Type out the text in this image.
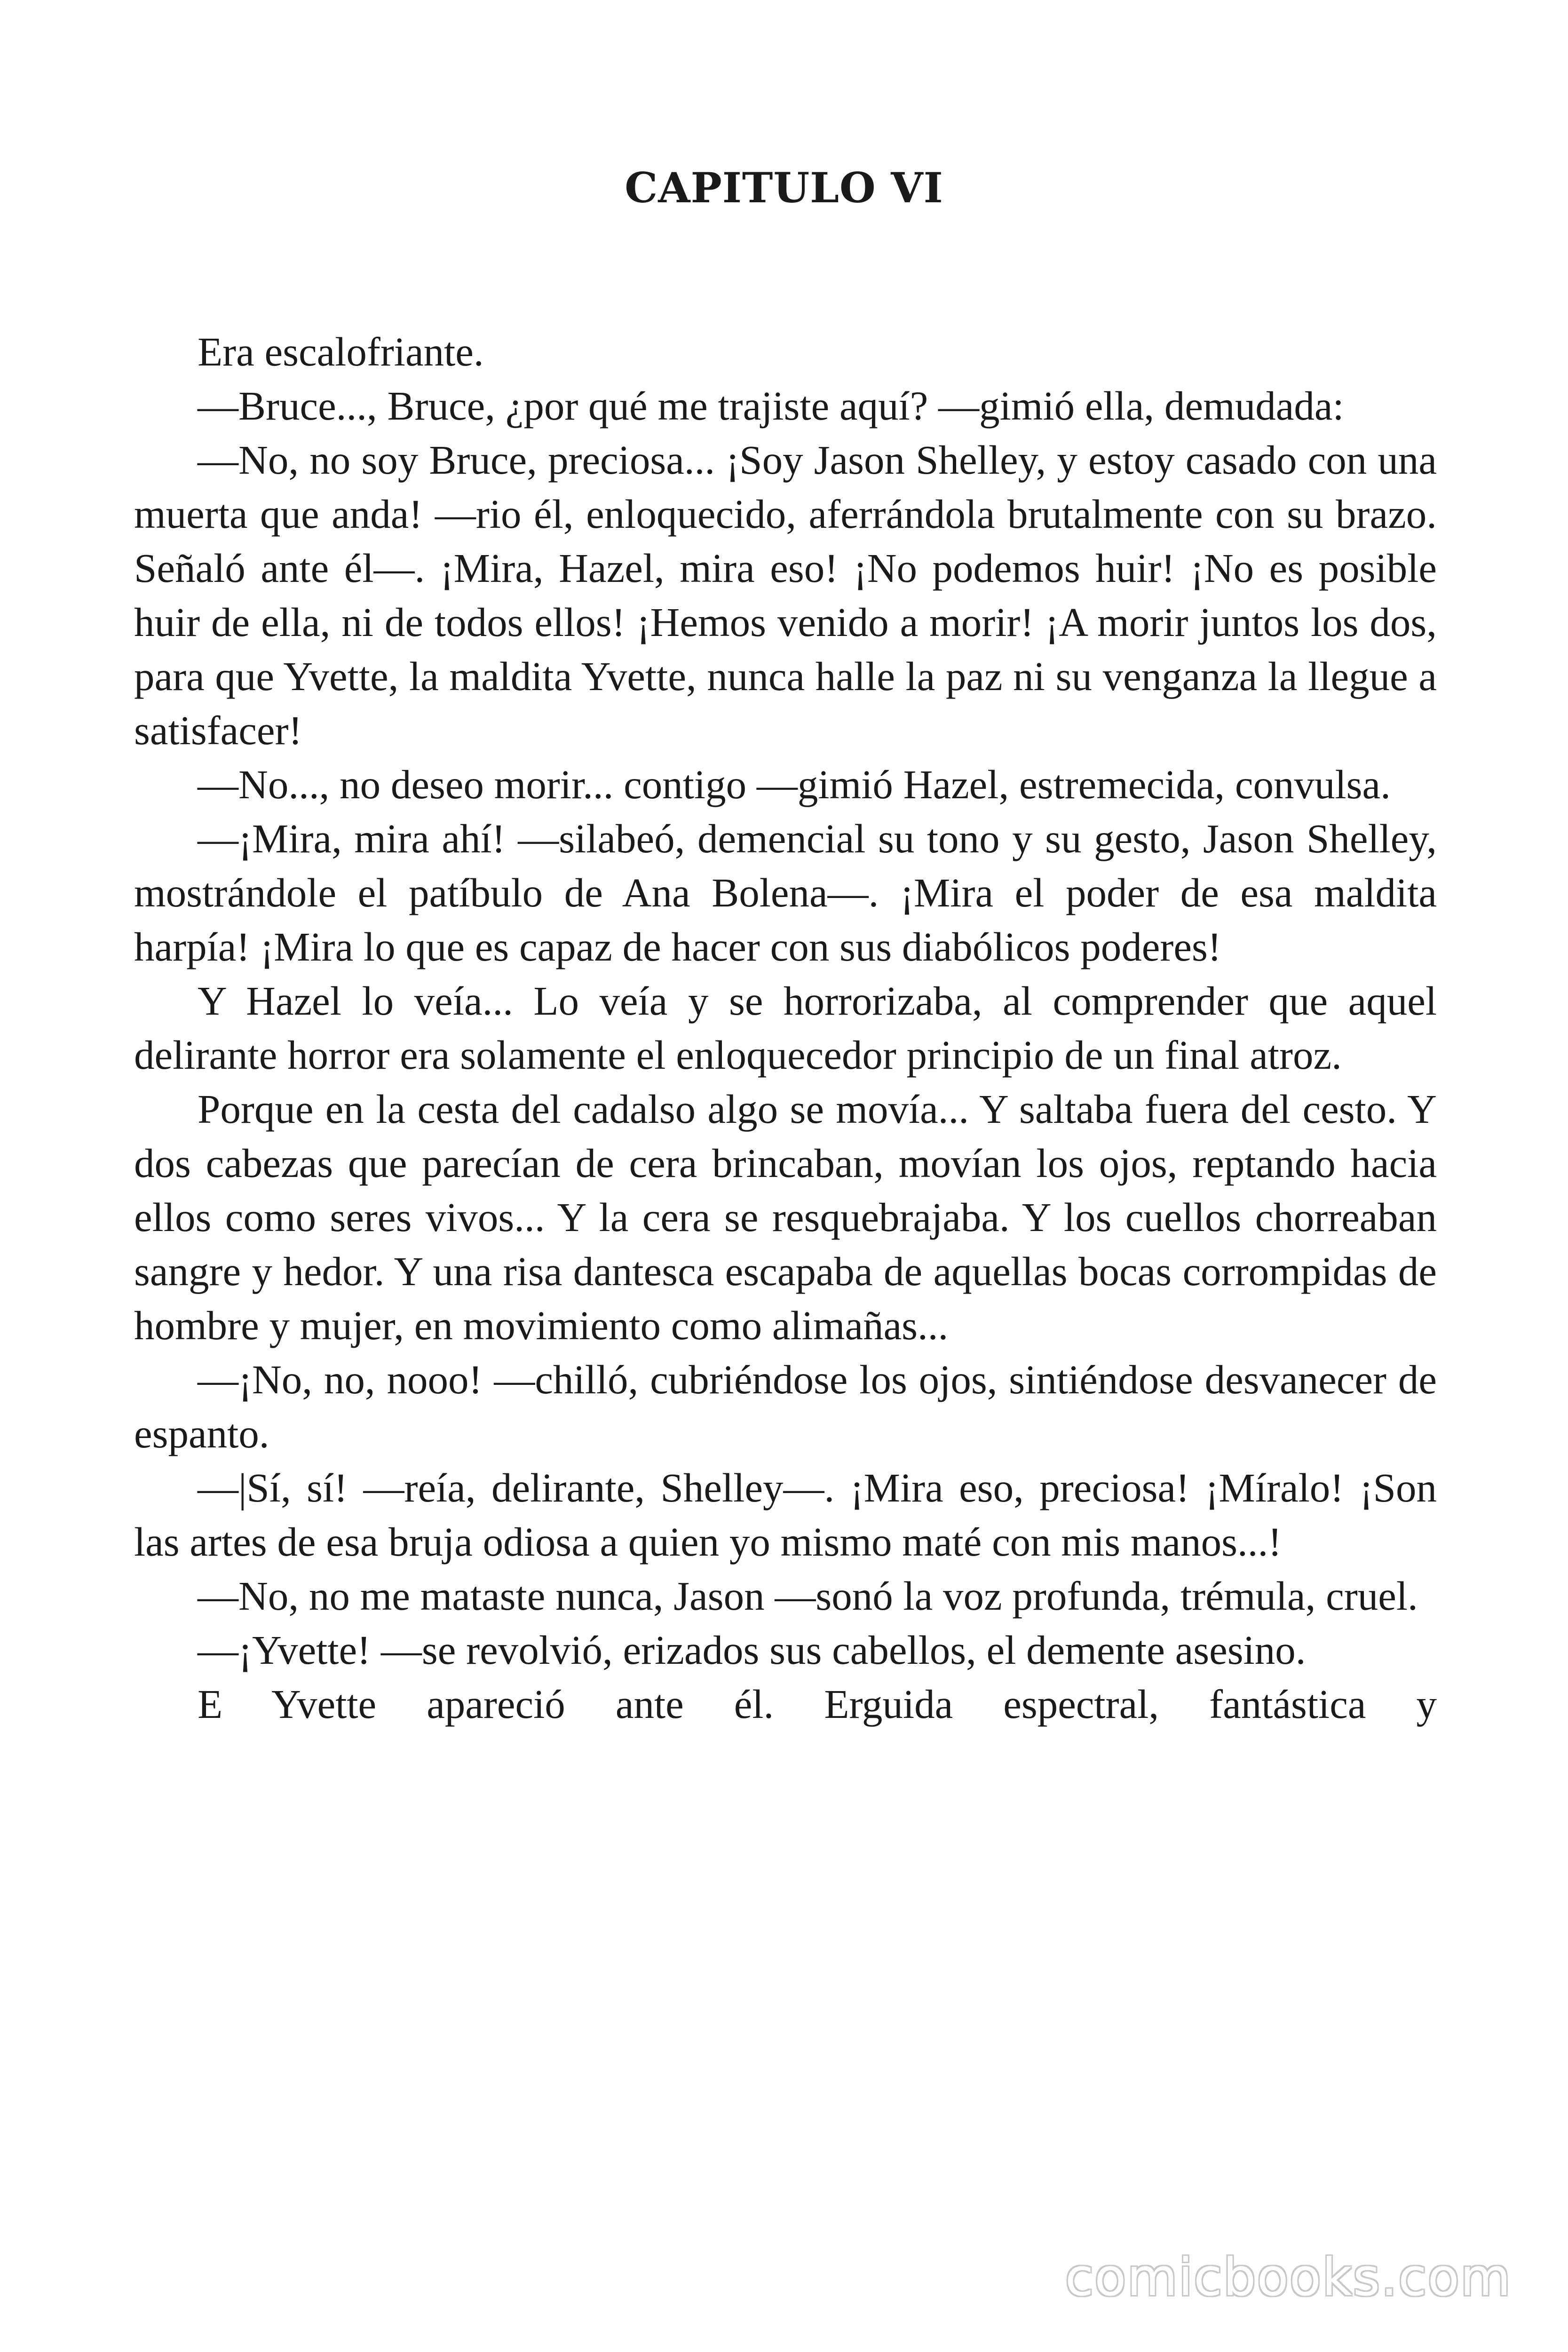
CAPITULO VI

Era escalofriante.

—Bruce..., Bruce, ¿por qué me trajiste aquí? —gimió ella, demudada:

—No, no soy Bruce, preciosa... ¡Soy Jason Shelley, y estoy casado con una muerta que anda! —rio él, enloquecido, aferrándola brutalmente con su brazo. Señaló ante él—. ¡Mira, Hazel, mira eso! ¡No podemos huir! ¡No es posible huir de ella, ni de todos ellos! ¡Hemos venido a morir! ¡A morir juntos los dos, para que Yvette, la maldita Yvette, nunca halle la paz ni su venganza la llegue a satisfacer!

—No..., no deseo morir... contigo —gimió Hazel, estremecida, convulsa.

—¡Mira, mira ahí! —silabeó, demencial su tono y su gesto, Jason Shelley, mostrándole el patíbulo de Ana Bolena—. ¡Mira el poder de esa maldita harpía! ¡Mira lo que es capaz de hacer con sus diabólicos poderes!

Y Hazel lo veía... Lo veía y se horrorizaba, al comprender que aquel delirante horror era solamente el enloquecedor principio de un final atroz.

Porque en la cesta del cadalso algo se movía... Y saltaba fuera del cesto. Y dos cabezas que parecían de cera brincaban, movían los ojos, reptando hacia ellos como seres vivos... Y la cera se resquebrajaba. Y los cuellos chorreaban sangre y hedor. Y una risa dantesca escapaba de aquellas bocas corrompidas de hombre y mujer, en movimiento como alimañas...

—¡No, no, nooo! —chilló, cubriéndose los ojos, sintiéndose desvanecer de espanto.

—|Sí, sí! —reía, delirante, Shelley—. ¡Mira eso, preciosa! ¡Míralo! ¡Son las artes de esa bruja odiosa a quien yo mismo maté con mis manos...!

—No, no me mataste nunca, Jason —sonó la voz profunda, trémula, cruel.

—¡Yvette! —se revolvió, erizados sus cabellos, el demente asesino.

E Yvette apareció ante él. Erguida espectral, fantástica y

comicbooks.com
